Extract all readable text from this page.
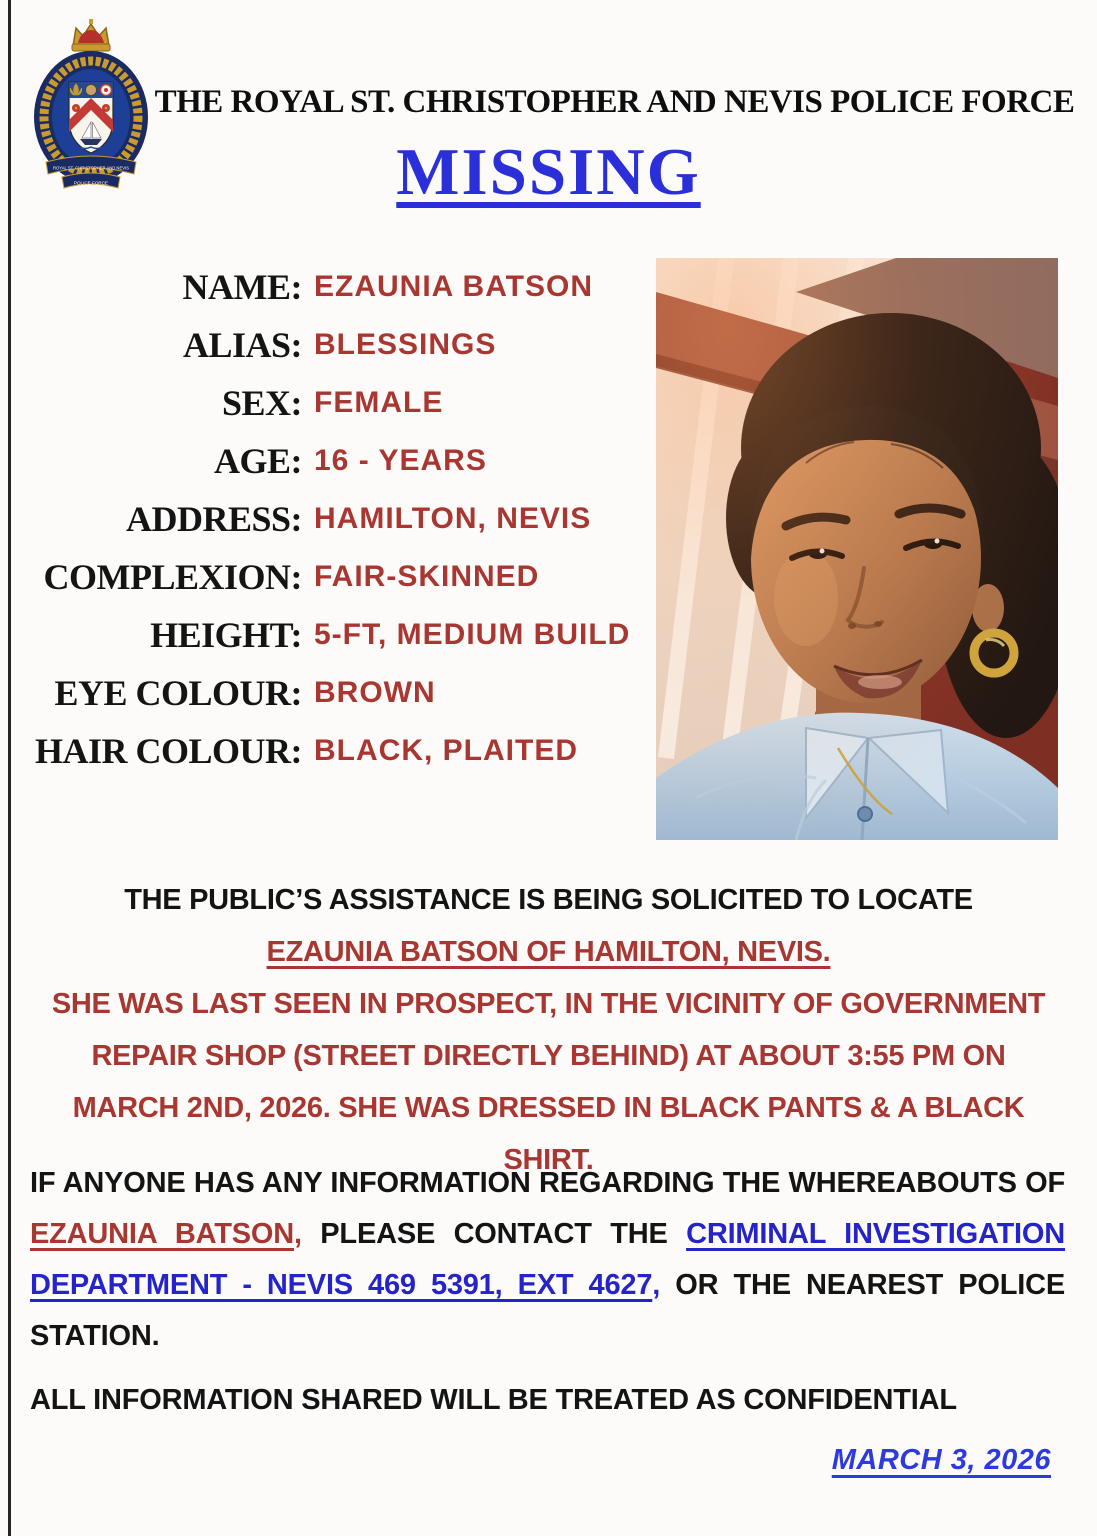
ROYAL ST. CHRISTOPHER AND NEVIS
POLICE FORCE
THE ROYAL ST. CHRISTOPHER AND NEVIS POLICE FORCE
MISSING
NAME: EZAUNIA BATSON
ALIAS: BLESSINGS
SEX: FEMALE
AGE: 16 - YEARS
ADDRESS: HAMILTON, NEVIS
COMPLEXION: FAIR-SKINNED
HEIGHT: 5-FT, MEDIUM BUILD
EYE COLOUR: BROWN
HAIR COLOUR: BLACK, PLAITED
THE PUBLIC’S ASSISTANCE IS BEING SOLICITED TO LOCATE
EZAUNIA BATSON OF HAMILTON, NEVIS.
SHE WAS LAST SEEN IN PROSPECT, IN THE VICINITY OF GOVERNMENT REPAIR SHOP (STREET DIRECTLY BEHIND) AT ABOUT 3:55 PM ON MARCH 2ND, 2026. SHE WAS DRESSED IN BLACK PANTS & A BLACK SHIRT.
IF ANYONE HAS ANY INFORMATION REGARDING THE WHEREABOUTS OF EZAUNIA BATSON, PLEASE CONTACT THE CRIMINAL INVESTIGATION DEPARTMENT - NEVIS 469 5391, EXT 4627, OR THE NEAREST POLICE STATION.
ALL INFORMATION SHARED WILL BE TREATED AS CONFIDENTIAL
MARCH 3, 2026
